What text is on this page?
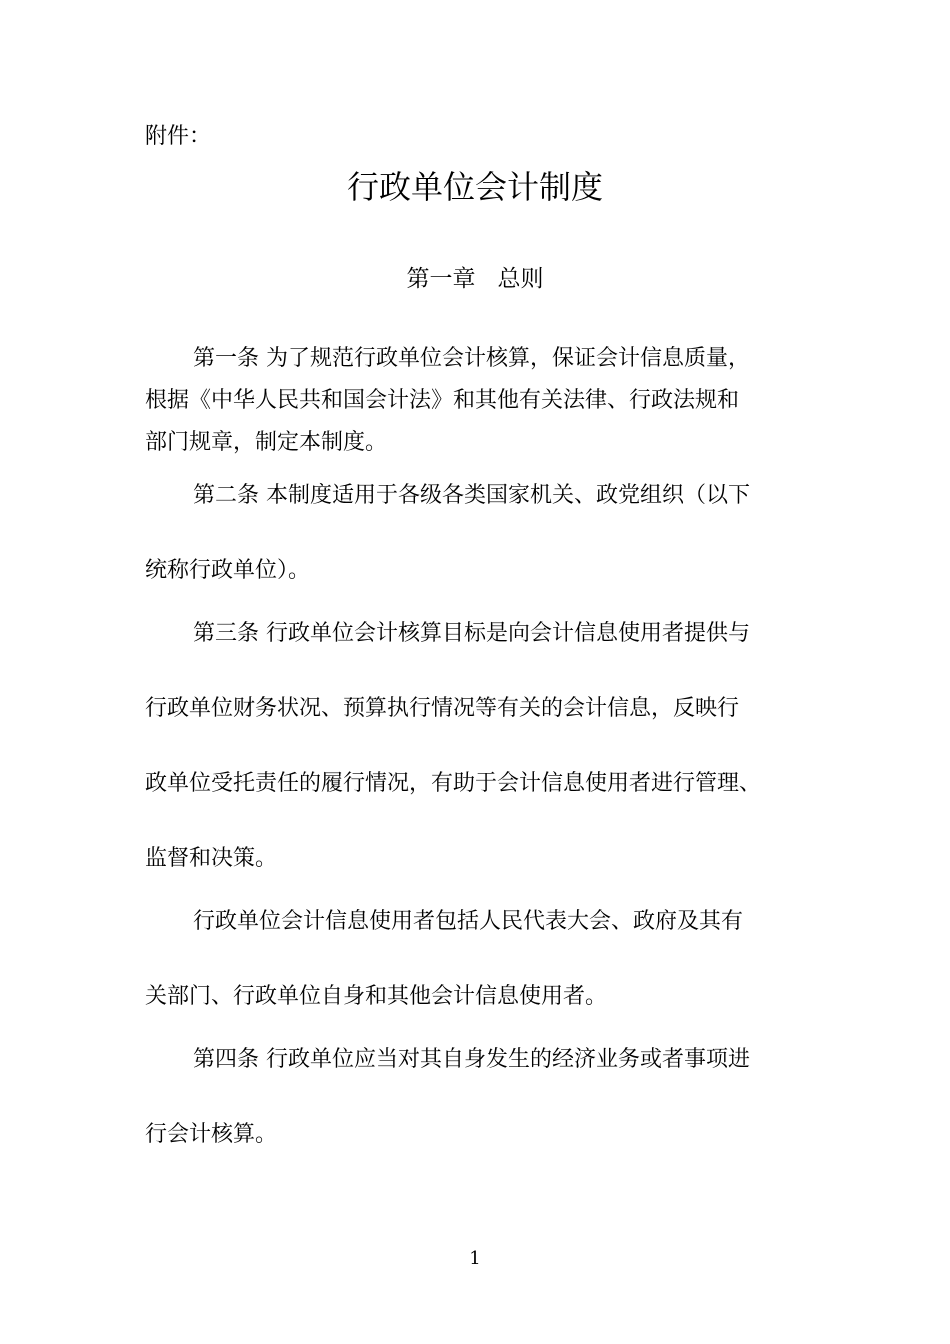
附件：
行政单位会计制度
第一章 总则
第一条 为了规范行政单位会计核算，保证会计信息质量，
根据《中华人民共和国会计法》和其他有关法律、行政法规和
部门规章，制定本制度。
第二条 本制度适用于各级各类国家机关、政党组织（以下
统称行政单位）。
第三条 行政单位会计核算目标是向会计信息使用者提供与
行政单位财务状况、预算执行情况等有关的会计信息，反映行
政单位受托责任的履行情况，有助于会计信息使用者进行管理、
监督和决策。
行政单位会计信息使用者包括人民代表大会、政府及其有
关部门、行政单位自身和其他会计信息使用者。
第四条 行政单位应当对其自身发生的经济业务或者事项进
行会计核算。
1
